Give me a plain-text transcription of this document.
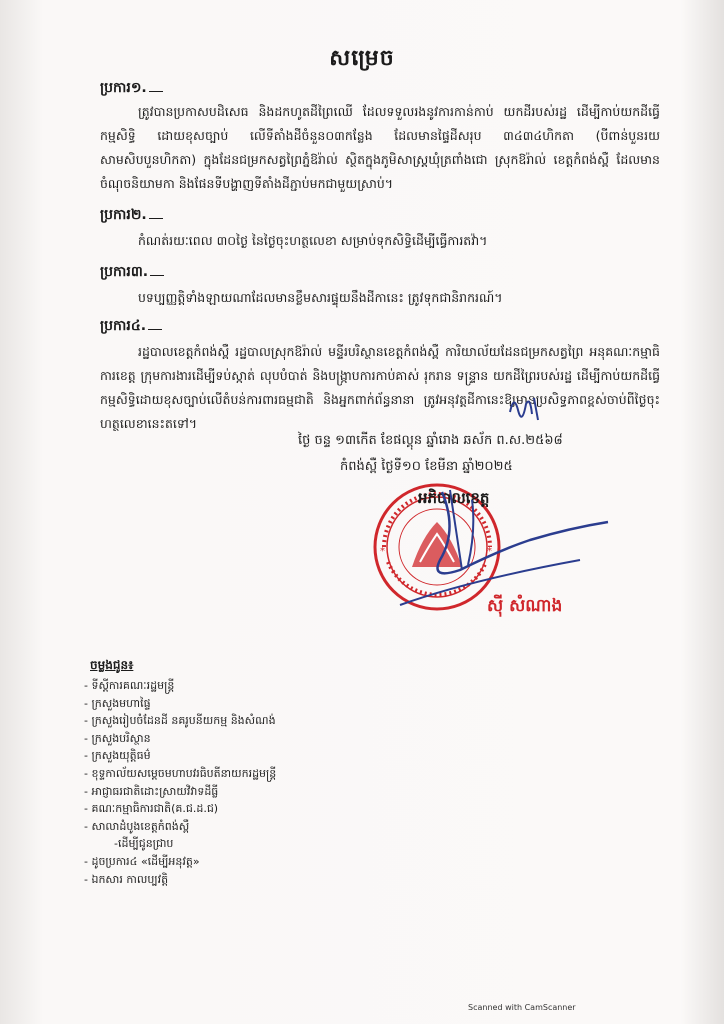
សម្រេច
ប្រការ១.
ត្រូវបានប្រកាសបដិសេធ និងដកហូតដីព្រៃឈើ ដែលទទួលរងនូវការកាន់កាប់ យកដីរបស់រដ្ឋ ដើម្បីកាប់យកដីធ្វើកម្មសិទ្ធិ ដោយខុសច្បាប់ លើទីតាំងដីចំនួន០៣កន្លែង ដែលមានផ្ទៃដីសរុប ៣៤៣៤ហិកតា (បីពាន់បួនរយសាមសិបបួនហិកតា) ក្នុងដែនជម្រកសត្វព្រៃភ្នំឱរ៉ាល់ ស្ថិតក្នុងភូមិសាស្ត្រឃុំត្រពាំងជោ ស្រុកឱរ៉ាល់ ខេត្តកំពង់ស្ពឺ ដែលមានចំណុចនិយាមកា និងផែនទីបង្ហាញទីតាំងដីភ្ជាប់មកជាមួយស្រាប់។
ប្រការ២.
កំណត់រយៈពេល ៣០ថ្ងៃ នៃថ្ងៃចុះហត្ថលេខា សម្រាប់ទុកសិទ្ធិដើម្បីធ្វើការតវ៉ា។
ប្រការ៣.
បទប្បញ្ញត្តិទាំងឡាយណាដែលមានខ្លឹមសារផ្ទុយនឹងដីកានេះ ត្រូវទុកជានិរាករណ៍។
ប្រការ៤.
រដ្ឋបាលខេត្តកំពង់ស្ពឺ រដ្ឋបាលស្រុកឱរ៉ាល់ មន្ទីរបរិស្ថានខេត្តកំពង់ស្ពឺ ការិយាល័យដែនជម្រកសត្វព្រៃ អនុគណៈកម្មាធិការខេត្ត ក្រុមការងារដើម្បីទប់ស្កាត់ លុបបំបាត់ និងបង្ក្រាបការកាប់គាស់ រុករាន ទន្ទ្រាន យកដីព្រៃរបស់រដ្ឋ ដើម្បីកាប់យកដីធ្វើកម្មសិទ្ធិដោយខុសច្បាប់លើតំបន់ការពារធម្មជាតិ និងអ្នកពាក់ព័ន្ធនានា ត្រូវអនុវត្តដីកានេះឱ្យមានប្រសិទ្ធភាពខ្ពស់ចាប់ពីថ្ងៃចុះហត្ថលេខានេះតទៅ។
ថ្ងៃ ចន្ទ ១៣កើត ខែផល្គុន ឆ្នាំរោង ឆស័ក ព.ស.២៥៦៨
កំពង់ស្ពឺ ថ្ងៃទី១០ ខែមីនា ឆ្នាំ២០២៥
*	*
អភិបាលខេត្ត
ស៊ី សំណាង
ចម្លងជូន៖
- ទីស្តីការគណៈរដ្ឋមន្ត្រី
- ក្រសួងមហាផ្ទៃ
- ក្រសួងរៀបចំដែនដី នគរូបនីយកម្ម និងសំណង់
- ក្រសួងបរិស្ថាន
- ក្រសួងយុត្តិធម៌
- ខុទ្ទកាល័យសម្តេចមហាបវរធិបតីនាយករដ្ឋមន្ត្រី
- អាជ្ញាធរជាតិដោះស្រាយវិវាទដីធ្លី
- គណៈកម្មាធិការជាតិ(គ.ជ.ដ.ជ)
- សាលាដំបូងខេត្តកំពង់ស្ពឺ
- ដើម្បីជូនជ្រាប
- ដូចប្រការ៤ «ដើម្បីអនុវត្ត»
- ឯកសារ កាលប្បវត្តិ
Scanned with CamScanner
